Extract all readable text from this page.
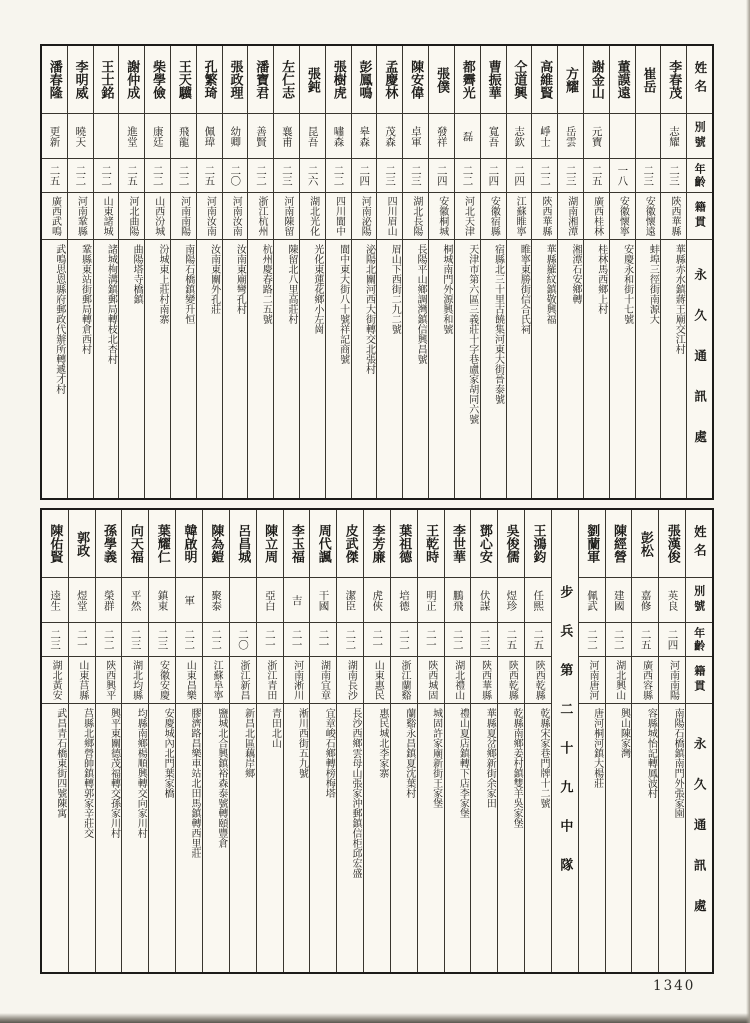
姓名
別號
年齡
籍貫
永久通訊處
李春茂
志耀
二三
陝西華縣
華縣赤水鎮蔣王廟交江村
崔岳
二三
安徽懷遠
蚌埠三徑街南源大
董謨遠
一八
安徽懷寧
安慶永和街十七號
謝金山
元寶
二五
廣西桂林
桂林馬西鄉上村
方耀
岳雲
二三
湖南湘潭
湘潭石安鄉轉
高維賢
崢士
二二
陝西華縣
華縣羅紋鎮敬興福
仝道興
志欽
二四
江蘇睢寧
睢寧東勝街信合氏祠
曹振華
寬吾
二四
安徽宿縣
宿縣北三十里古饒集河東大街晉泰號
都霽光
磊
二二
河北天津
天津市第六區三義莊十字巷盧家胡同六號
張僕
發祥
二四
安徽桐城
桐城南門外源興和號
陳安偉
卓軍
二三
湖北長陽
長陽平山鄉調灣鎮信興昌號
孟慶林
茂森
二三
四川眉山
眉山下西街二九二號
彭鳳鳴
皋森
二四
河南泌陽
泌陽北關河西大街轉交北張村
張樹虎
嘯森
二二
四川閬中
閬中東大街八十號祥記商號
張鈍
昆吾
二六
湖北光化
光化東蓮花鄉小左崗
左仁志
襄甫
二三
河南陳留
陳留北八里高莊村
潘寶君
善賢
二二
浙江杭州
杭州慶春路二五號
張政理
幼卿
二〇
河南汝南
汝南東廟彎孔村
孔繁琦
佩瑋
二五
河南汝南
汝南東關外孔莊
王天驥
飛龍
二二
河南南陽
南陽石橋鎮變升恒
柴學儉
康廷
二二
山西汾城
汾城東上莊村南寨
謝仲成
進堂
二五
河北曲陽
曲陽塔寺橋鎮
王士銘
二二
山東諸城
諸城栒溝鎮郵局轉枝北杏村
李明威
曉天
二二
河南鞏縣
鞏縣東站街郵局轉倉西村
潘春隆
更新
二五
廣西武鳴
武鳴思恩縣府郵政代辦所轉遞才村
姓名
別號
年齡
籍貫
永久通訊處
張漢俊
英良
二四
河南南陽
南陽石橋鎮南門外張家園
彭松
嘉修
二五
廣西容縣
容縣城怡記轉鳳波村
陳經營
建國
二二
湖北興山
興山陳家灣
劉蘭軍
佩武
二二
河南唐河
唐河桐河鎮大楊莊
步兵第二十九中隊
王鴻鈞
任熙
二五
陝西乾縣
乾縣宋家巷門牌十二號
吳俊儒
煜珍
二五
陝西乾縣
乾縣南鄉姜村鎮雙羊吳家堡
鄧心安
伏謀
二三
陝西華縣
華縣夏岔鄉新街余家田
李世華
鵬飛
二二
湖北禮山
禮山夏店鎮轉下店李家堡
王乾時
明正
二一
陝西城固
城固許家廟新街王家堡
葉祖德
培德
二二
浙江蘭谿
蘭谿永昌鎮夏沈葉村
李芳廉
虎俠
二一
山東惠民
惠民城北李家寨
皮武傑
潔臣
二二
湖南長沙
長沙西鄉雲母山張家沖郵鎮信柜邱宏盛
周代諷
干國
二一
湖南宜章
宜章峻石鄉轉榜梅塔
李玉福
吉
二一
河南淅川
淅川西街五九號
陳立周
亞白
二一
浙江青田
青田北山
呂昌城
二〇
浙江新昌
新昌北區藕岸鄉
陳為鎧
聚泰
二二
江蘇阜寧
鹽城北合興鎮裕森泰號轉頤豐倉
韓啟明
軍
二二
山東昌樂
膠濟路昌樂車站北田馬鎮轉西里莊
葉耀仁
鎮東
二三
安徽安慶
安慶城內北門葉家橋
向天福
平然
二三
湖北均縣
均縣南鄉楊順興轉交向家川村
孫學義
榮群
二二
陝西興平
興平東關德茂福轉交孫家川村
郭政
煜堂
二一
山東莒縣
莒縣北鄉營帥鎮轉郭家辛莊交
陳佑賢
逵生
二三
湖北黃安
武昌青石橋東街四號陳寓
1340
